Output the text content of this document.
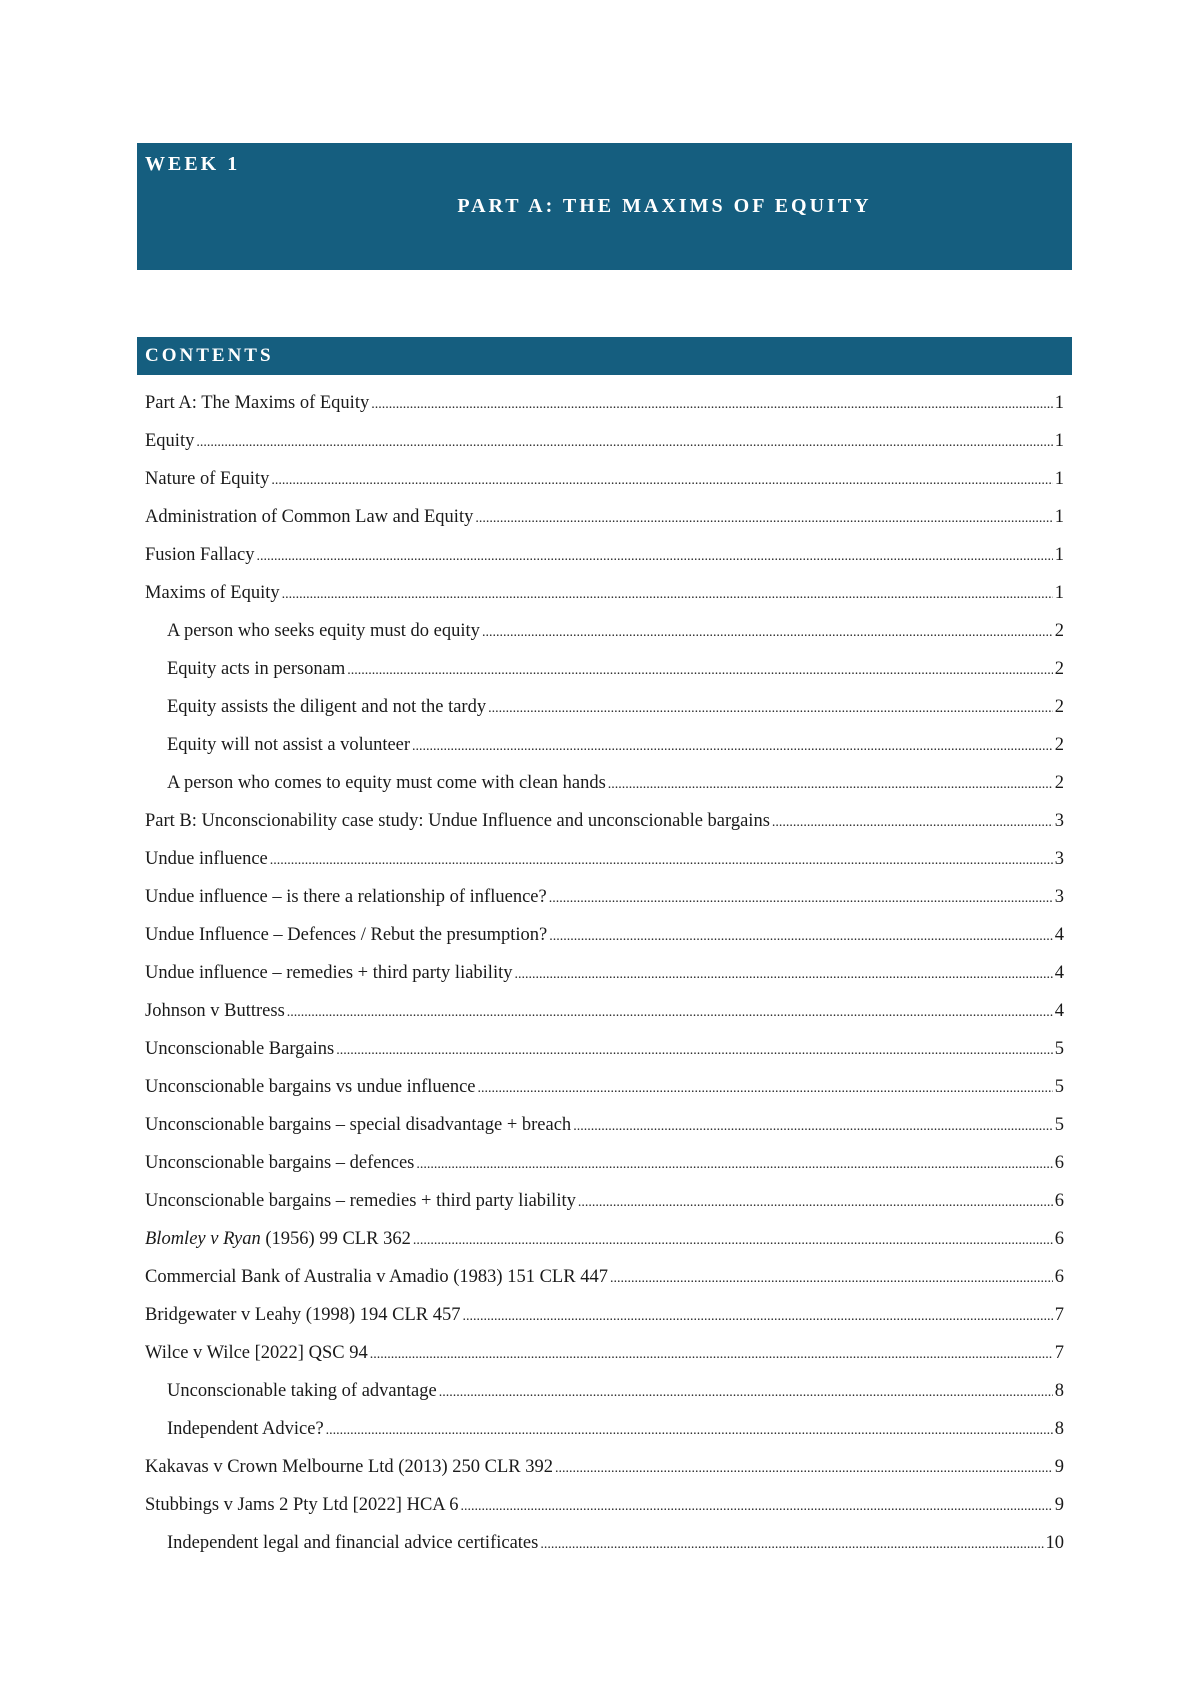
WEEK 1
PART A: THE MAXIMS OF EQUITY
CONTENTS
Part A: The Maxims of Equity .....	1
Equity .....	1
Nature of Equity .....	1
Administration of Common Law and Equity .....	1
Fusion Fallacy .....	1
Maxims of Equity .....	1
A person who seeks equity must do equity .....	2
Equity acts in personam .....	2
Equity assists the diligent and not the tardy .....	2
Equity will not assist a volunteer .....	2
A person who comes to equity must come with clean hands .....	2
Part B: Unconscionability case study: Undue Influence and unconscionable bargains .....	3
Undue influence .....	3
Undue influence – is there a relationship of influence? .....	3
Undue Influence – Defences / Rebut the presumption? .....	4
Undue influence – remedies + third party liability .....	4
Johnson v Buttress .....	4
Unconscionable Bargains .....	5
Unconscionable bargains vs undue influence .....	5
Unconscionable bargains – special disadvantage + breach .....	5
Unconscionable bargains – defences .....	6
Unconscionable bargains – remedies + third party liability .....	6
Blomley v Ryan (1956) 99 CLR 362 .....	6
Commercial Bank of Australia v Amadio (1983) 151 CLR 447 .....	6
Bridgewater v Leahy (1998) 194 CLR 457 .....	7
Wilce v Wilce [2022] QSC 94 .....	7
Unconscionable taking of advantage .....	8
Independent Advice? .....	8
Kakavas v Crown Melbourne Ltd (2013) 250 CLR 392 .....	9
Stubbings v Jams 2 Pty Ltd [2022] HCA 6 .....	9
Independent legal and financial advice certificates .....	10
